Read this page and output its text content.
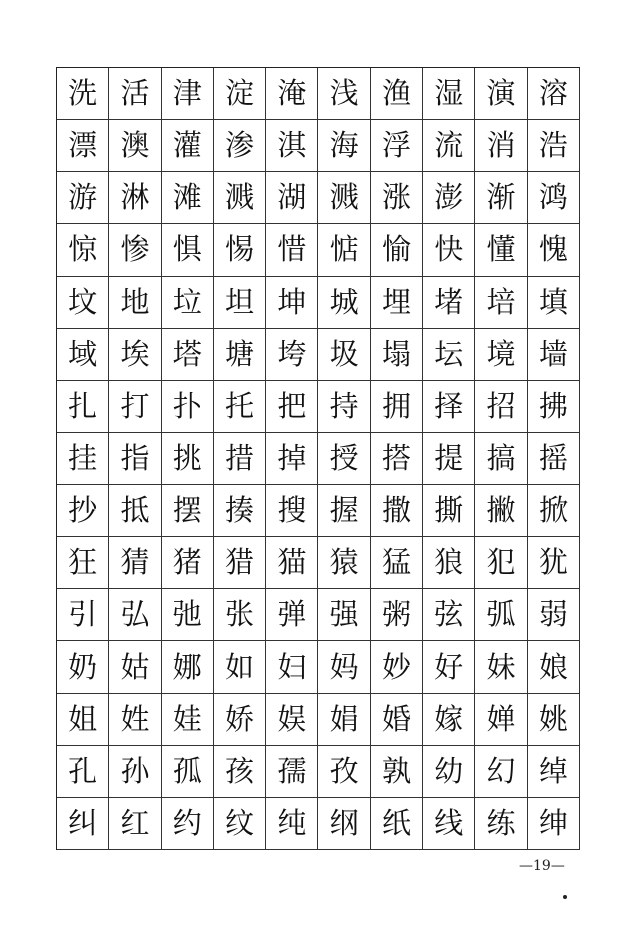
洗 活 津 淀 淹 浅 渔 湿 演 溶
漂 澳 灌 渗 淇 海 浮 流 消 浩
游 淋 滩 溅 湖 溅 涨 澎 渐 鸿
惊 惨 惧 惕 惜 惦 愉 快 懂 愧
坟 地 垃 坦 坤 城 埋 堵 培 填
域 埃 塔 塘 垮 圾 塌 坛 境 墙
扎 打 扑 托 把 持 拥 择 招 拂
挂 指 挑 措 掉 授 搭 提 搞 摇
抄 抵 摆 揍 搜 握 撒 撕 撇 掀
狂 猜 猪 猎 猫 猿 猛 狼 犯 犹
引 弘 弛 张 弹 强 粥 弦 弧 弱
奶 姑 娜 如 妇 妈 妙 好 妹 娘
姐 姓 娃 娇 娱 娟 婚 嫁 婵 姚
孔 孙 孤 孩 孺 孜 孰 幼 幻 绰
纠 红 约 纹 纯 纲 纸 线 练 绅
—19—
